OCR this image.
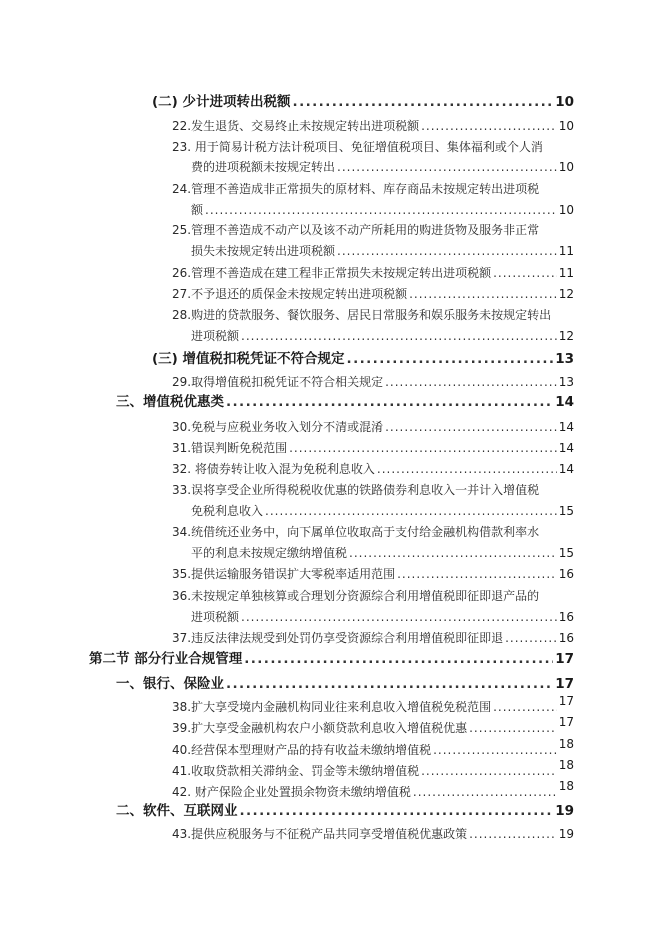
(二) 少计进项转出税额 .....	10
22.发生退货、交易终止未按规定转出进项税额 .....	10
23. 用于简易计税方法计税项目、免征增值税项目、集体福利或个人消
费的进项税额未按规定转出 .....	10
24.管理不善造成非正常损失的原材料、库存商品未按规定转出进项税
额 .....	10
25.管理不善造成不动产以及该不动产所耗用的购进货物及服务非正常
损失未按规定转出进项税额 .....	11
26.管理不善造成在建工程非正常损失未按规定转出进项税额 .....	11
27.不予退还的质保金未按规定转出进项税额 .....	12
28.购进的贷款服务、餐饮服务、居民日常服务和娱乐服务未按规定转出
进项税额 .....	12
(三) 增值税扣税凭证不符合规定 .....	13
29.取得增值税扣税凭证不符合相关规定 .....	13
三、增值税优惠类 .....	14
30.免税与应税业务收入划分不清或混淆 .....	14
31.错误判断免税范围 .....	14
32. 将债券转让收入混为免税利息收入 .....	14
33.误将享受企业所得税税收优惠的铁路债券利息收入一并计入增值税
免税利息收入 .....	15
34.统借统还业务中，向下属单位收取高于支付给金融机构借款利率水
平的利息未按规定缴纳增值税 .....	15
35.提供运输服务错误扩大零税率适用范围 .....	16
36.未按规定单独核算或合理划分资源综合利用增值税即征即退产品的
进项税额 .....	16
37.违反法律法规受到处罚仍享受资源综合利用增值税即征即退 .....	16
第二节 部分行业合规管理 .....	17
一、银行、保险业 .....	17
38.扩大享受境内金融机构同业往来利息收入增值税免税范围 .....	17
39.扩大享受金融机构农户小额贷款利息收入增值税优惠 .....	17
40.经营保本型理财产品的持有收益未缴纳增值税 .....	18
41.收取贷款相关滞纳金、罚金等未缴纳增值税 .....	18
42. 财产保险企业处置损余物资未缴纳增值税 .....	18
二、软件、互联网业 .....	19
43.提供应税服务与不征税产品共同享受增值税优惠政策 .....	19
